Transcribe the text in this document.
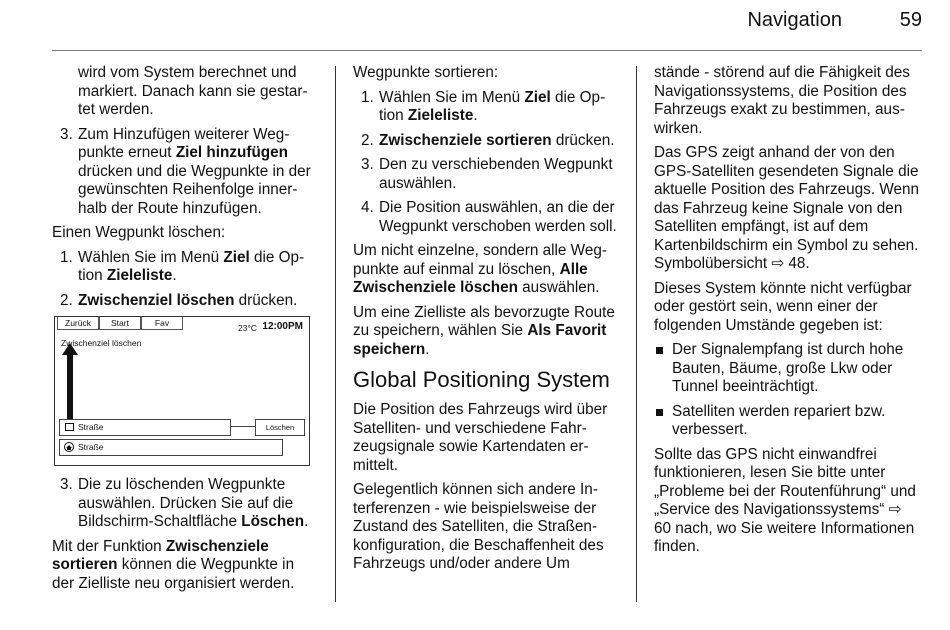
Navigation	59

wird vom System berechnet und markiert. Danach kann sie gestartet werden.

3. Zum Hinzufügen weiterer Wegpunkte erneut Ziel hinzufügen drücken und die Wegpunkte in der gewünschten Reihenfolge innerhalb der Route hinzufügen.

Einen Wegpunkt löschen:

1. Wählen Sie im Menü Ziel die Option Zieleliste.
2. Zwischenziel löschen drücken.
Zurück	Start	Fav	23°C 12:00PM
Zwischenziel löschen
Straße	Löschen
Straße
3. Die zu löschenden Wegpunkte auswählen. Drücken Sie auf die Bildschirm-Schaltfläche Löschen.

Mit der Funktion Zwischenziele sortieren können die Wegpunkte in der Zielliste neu organisiert werden.

Wegpunkte sortieren:

1. Wählen Sie im Menü Ziel die Option Zieleliste.
2. Zwischenziele sortieren drücken.
3. Den zu verschiebenden Wegpunkt auswählen.
4. Die Position auswählen, an die der Wegpunkt verschoben werden soll.

Um nicht einzelne, sondern alle Wegpunkte auf einmal zu löschen, Alle Zwischenziele löschen auswählen.

Um eine Zielliste als bevorzugte Route zu speichern, wählen Sie Als Favorit speichern.

Global Positioning System

Die Position des Fahrzeugs wird über Satelliten- und verschiedene Fahrzeugsignale sowie Kartendaten ermittelt.

Gelegentlich können sich andere Interferenzen - wie beispielsweise der Zustand des Satelliten, die Straßenkonfiguration, die Beschaffenheit des Fahrzeugs und/oder andere Um

stände - störend auf die Fähigkeit des Navigationssystems, die Position des Fahrzeugs exakt zu bestimmen, auswirken.

Das GPS zeigt anhand der von den GPS-Satelliten gesendeten Signale die aktuelle Position des Fahrzeugs. Wenn das Fahrzeug keine Signale von den Satelliten empfängt, ist auf dem Kartenbildschirm ein Symbol zu sehen. Symbolübersicht ⇨ 48.

Dieses System könnte nicht verfügbar oder gestört sein, wenn einer der folgenden Umstände gegeben ist:

Der Signalempfang ist durch hohe Bauten, Bäume, große Lkw oder Tunnel beeinträchtigt.
Satelliten werden repariert bzw. verbessert.

Sollte das GPS nicht einwandfrei funktionieren, lesen Sie bitte unter „Probleme bei der Routenführung“ und „Service des Navigationssystems“ ⇨ 60 nach, wo Sie weitere Informationen finden.
